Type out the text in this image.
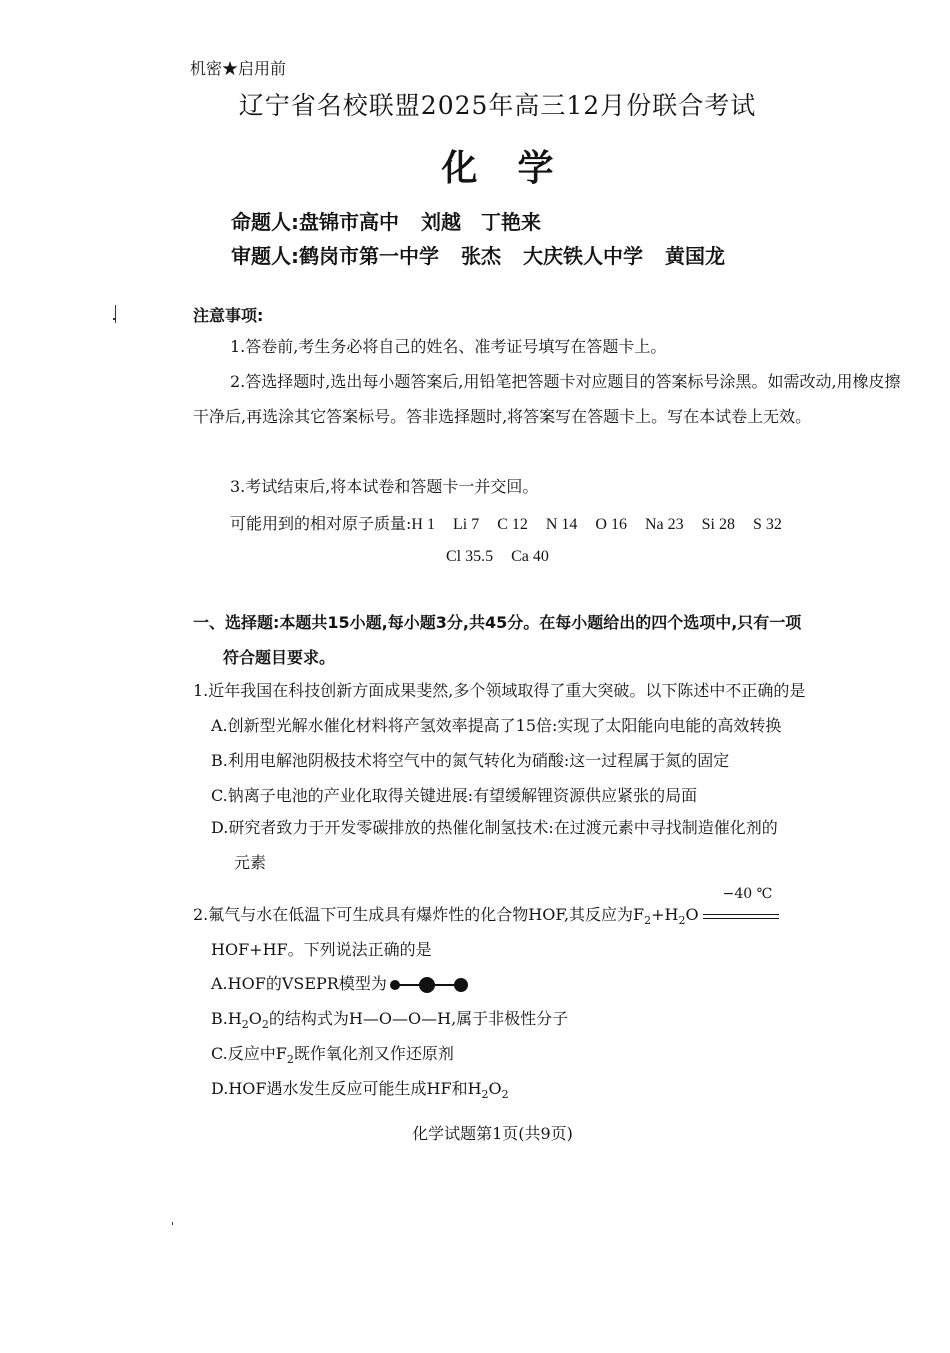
机密★启用前
辽宁省名校联盟2025年高三12月份联合考试
化学
命题人:盘锦市高中 刘越　丁艳来
审题人:鹤岗市第一中学 张杰 大庆铁人中学 黄国龙
注意事项:
1.答卷前,考生务必将自己的姓名、准考证号填写在答题卡上。
2.答选择题时,选出每小题答案后,用铅笔把答题卡对应题目的答案标号涂黑。如需改动,用橡皮擦干净后,再选涂其它答案标号。答非选择题时,将答案写在答题卡上。写在本试卷上无效。
3.考试结束后,将本试卷和答题卡一并交回。
可能用到的相对原子质量:H 1 Li 7 C 12 N 14 O 16 Na 23 Si 28 S 32
Cl 35.5 Ca 40
一、选择题:本题共15小题,每小题3分,共45分。在每小题给出的四个选项中,只有一项
符合题目要求。
1.近年我国在科技创新方面成果斐然,多个领域取得了重大突破。以下陈述中不正确的是
A.创新型光解水催化材料将产氢效率提高了15倍:实现了太阳能向电能的高效转换
B.利用电解池阴极技术将空气中的氮气转化为硝酸:这一过程属于氮的固定
C.钠离子电池的产业化取得关键进展:有望缓解锂资源供应紧张的局面
D.研究者致力于开发零碳排放的热催化制氢技术:在过渡元素中寻找制造催化剂的
元素
2.氟气与水在低温下可生成具有爆炸性的化合物HOF,其反应为$F_2+H_2O$
−40 ℃
HOF+HF。下列说法正确的是
A.HOF的VSEPR模型为
$B.H_2O_2$的结构式为H—O—O—H,属于非极性分子
C.反应中$F_2$既作氧化剂又作还原剂
D.HOF遇水发生反应可能生成HF和$H_2O_2$
化学试题第1页(共9页)
